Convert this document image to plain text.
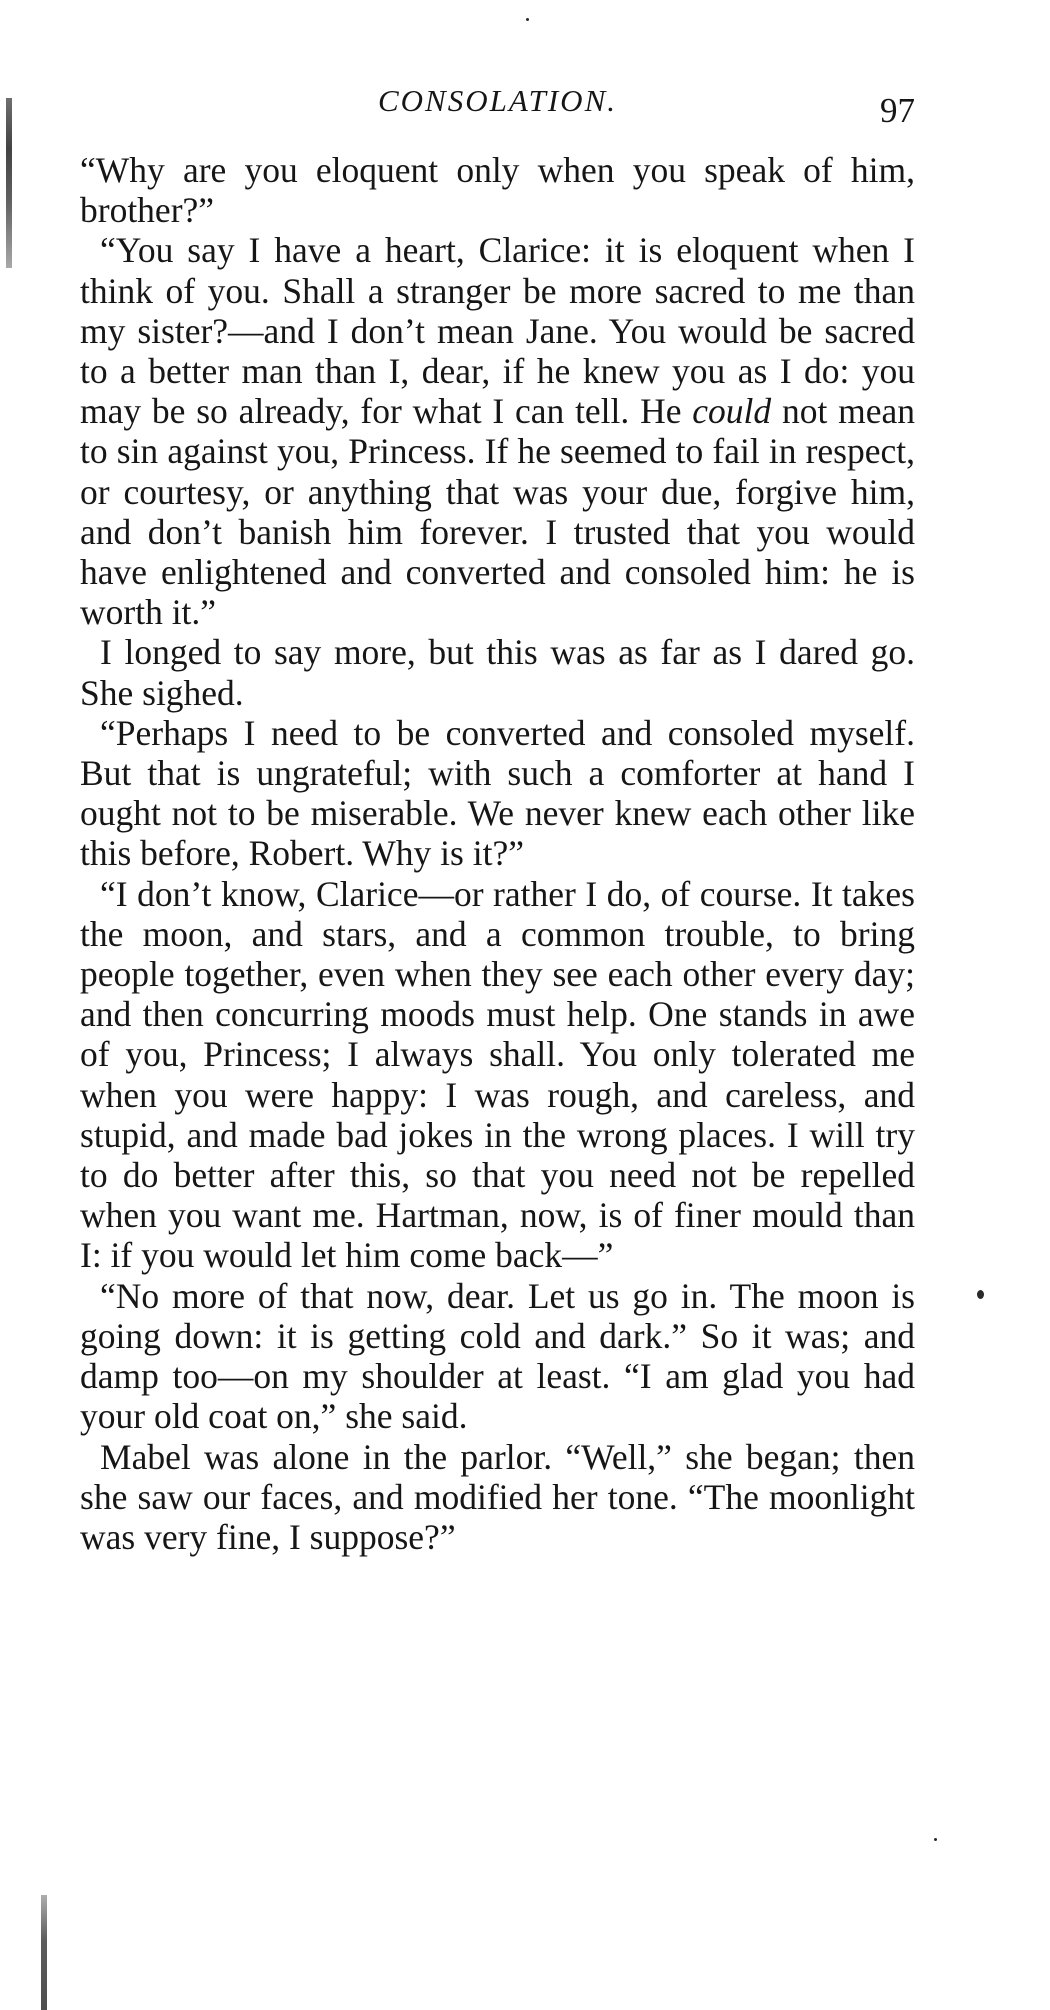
CONSOLATION.	97

“Why are you eloquent only when you speak of him, brother?”

“You say I have a heart, Clarice: it is eloquent when I think of you. Shall a stranger be more sacred to me than my sister?—and I don’t mean Jane. You would be sacred to a better man than I, dear, if he knew you as I do: you may be so already, for what I can tell. He could not mean to sin against you, Princess. If he seemed to fail in respect, or courtesy, or anything that was your due, forgive him, and don’t banish him forever. I trusted that you would have enlightened and converted and consoled him: he is worth it.”

I longed to say more, but this was as far as I dared go. She sighed.

“Perhaps I need to be converted and consoled myself. But that is ungrateful; with such a comforter at hand I ought not to be miserable. We never knew each other like this before, Robert. Why is it?”

“I don’t know, Clarice—or rather I do, of course. It takes the moon, and stars, and a common trouble, to bring people together, even when they see each other every day; and then concurring moods must help. One stands in awe of you, Princess; I always shall. You only tolerated me when you were happy: I was rough, and careless, and stupid, and made bad jokes in the wrong places. I will try to do better after this, so that you need not be repelled when you want me. Hartman, now, is of finer mould than I: if you would let him come back—”

“No more of that now, dear. Let us go in. The moon is going down: it is getting cold and dark.” So it was; and damp too—on my shoulder at least. “I am glad you had your old coat on,” she said.

Mabel was alone in the parlor. “Well,” she began; then she saw our faces, and modified her tone. “The moonlight was very fine, I suppose?”
